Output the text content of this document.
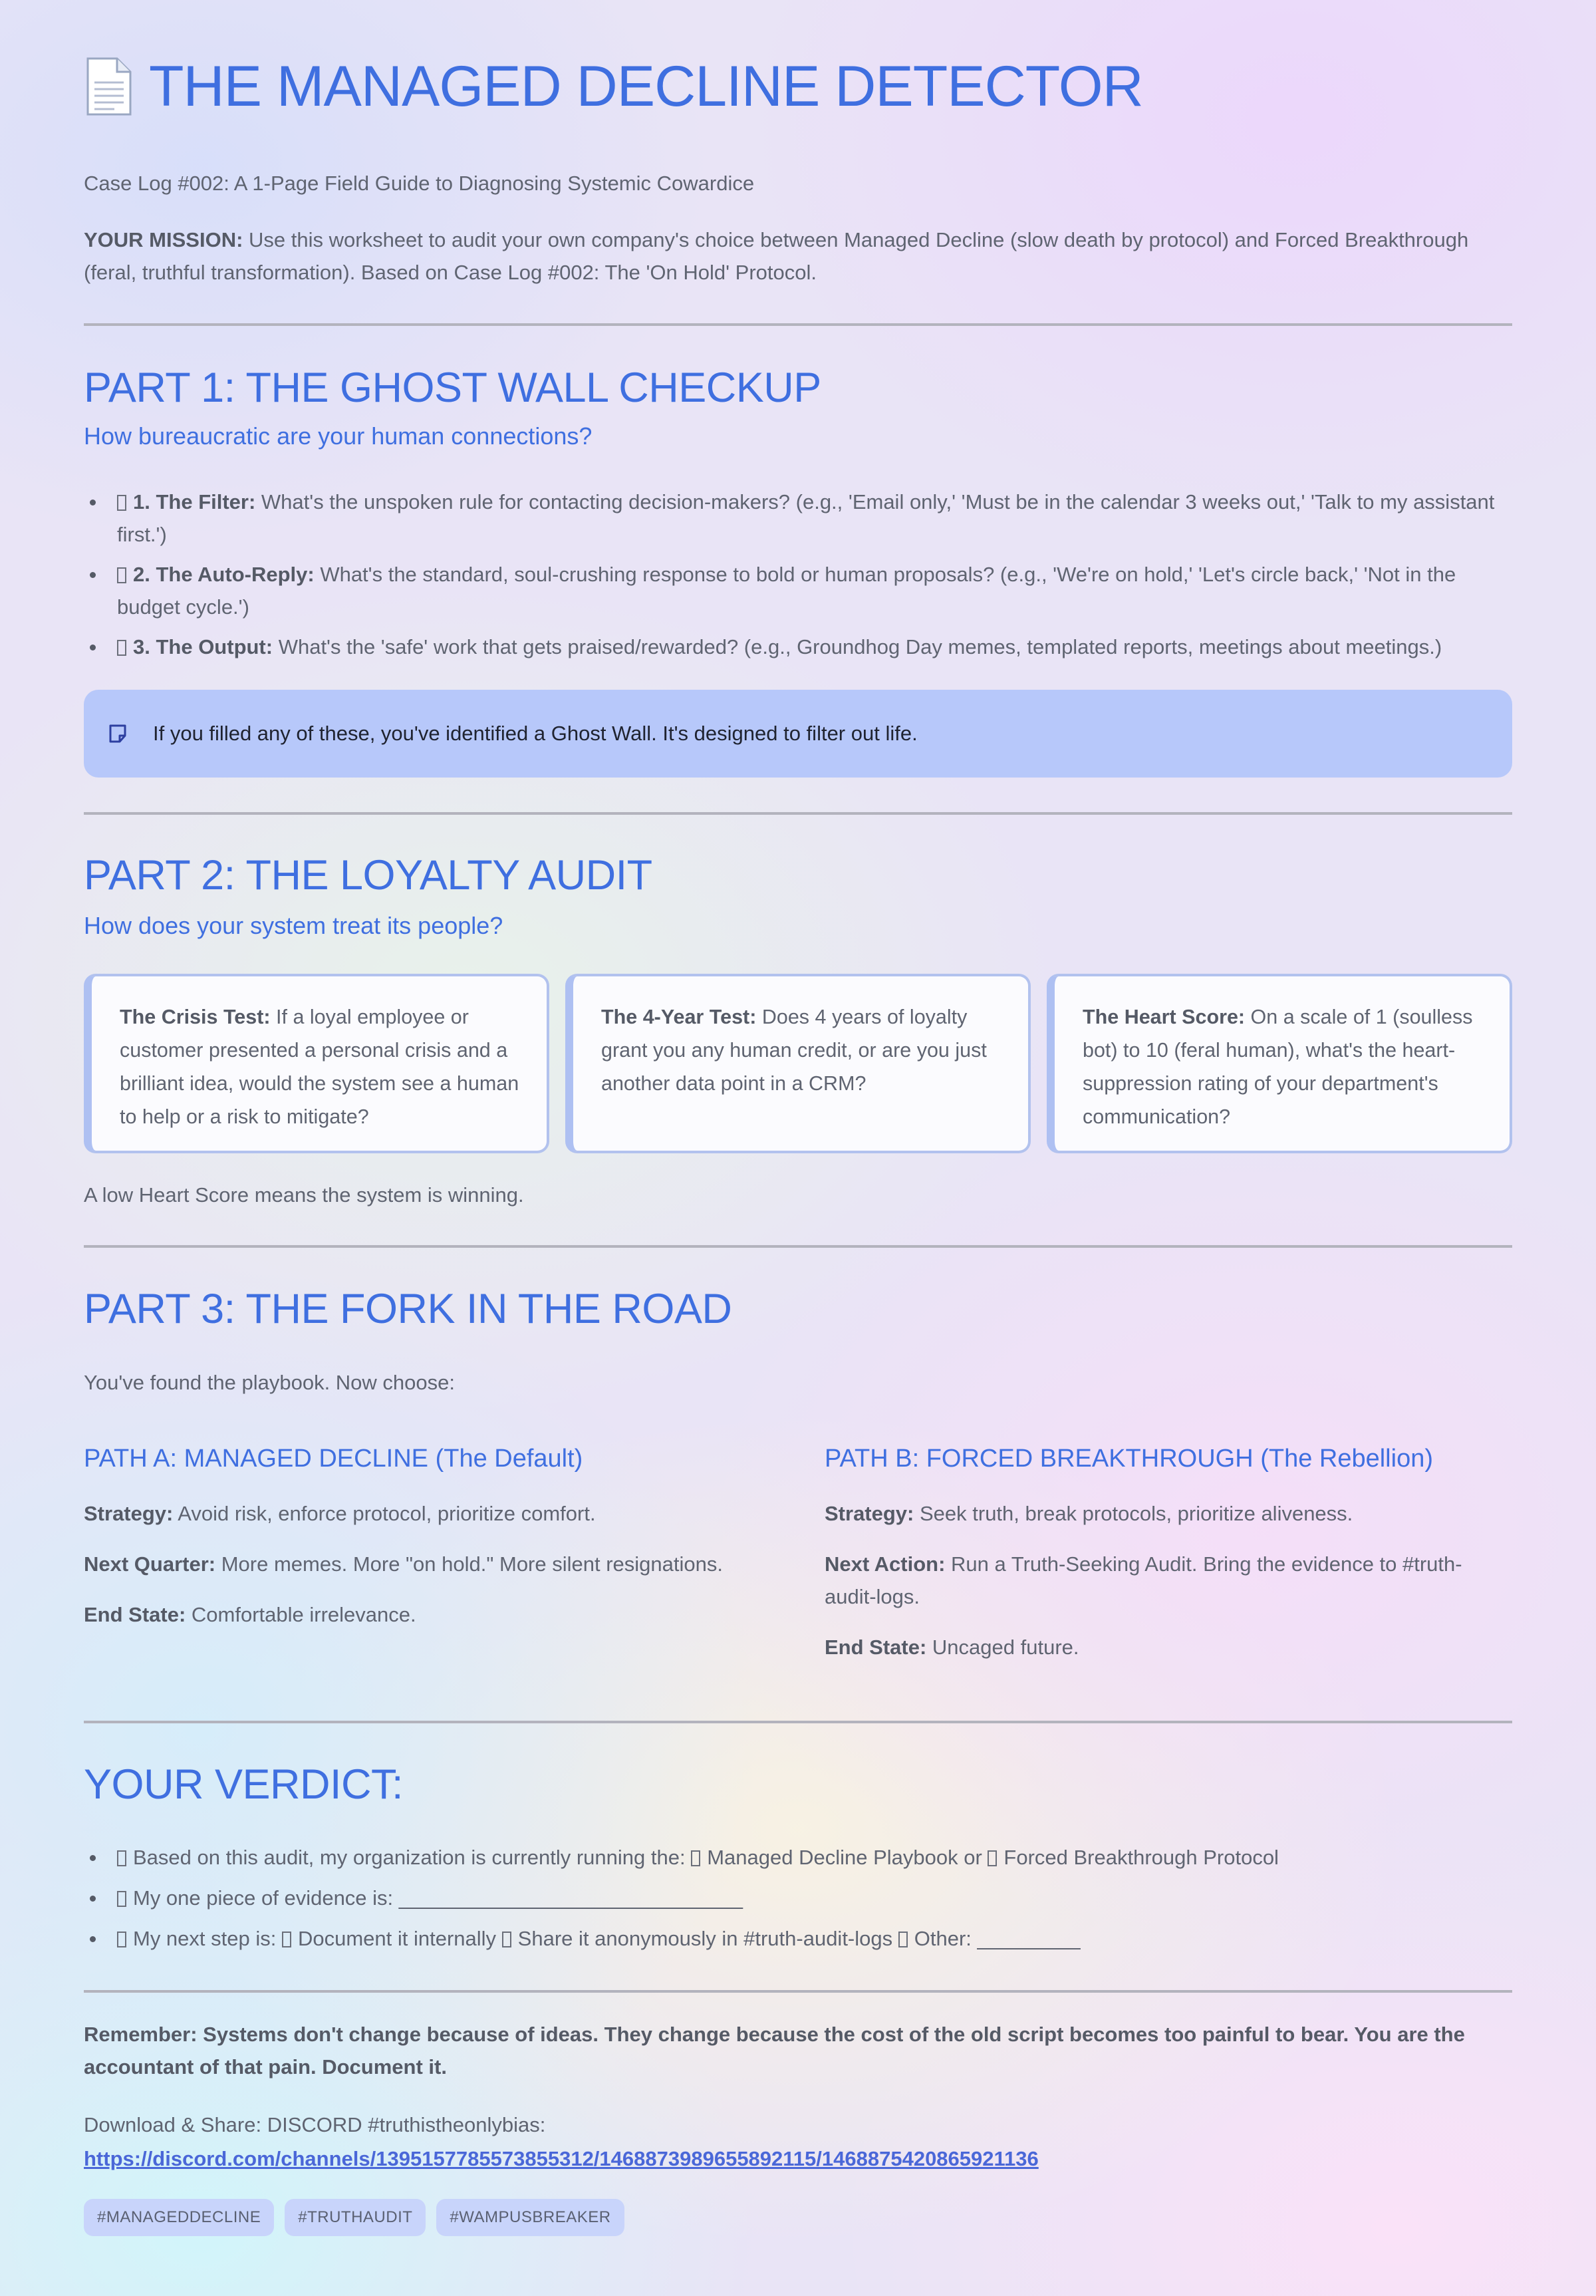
THE MANAGED DECLINE DETECTOR

Case Log #002: A 1-Page Field Guide to Diagnosing Systemic Cowardice

YOUR MISSION: Use this worksheet to audit your own company's choice between Managed Decline (slow death by protocol) and Forced Breakthrough (feral, truthful transformation). Based on Case Log #002: The 'On Hold' Protocol.

PART 1: THE GHOST WALL CHECKUP
How bureaucratic are your human connections?
1. The Filter: What's the unspoken rule for contacting decision-makers? (e.g., 'Email only,' 'Must be in the calendar 3 weeks out,' 'Talk to my assistant first.')
2. The Auto-Reply: What's the standard, soul-crushing response to bold or human proposals? (e.g., 'We're on hold,' 'Let's circle back,' 'Not in the budget cycle.')
3. The Output: What's the 'safe' work that gets praised/rewarded? (e.g., Groundhog Day memes, templated reports, meetings about meetings.)
If you filled any of these, you've identified a Ghost Wall. It's designed to filter out life.
PART 2: THE LOYALTY AUDIT
How does your system treat its people?
The Crisis Test: If a loyal employee or customer presented a personal crisis and a brilliant idea, would the system see a human to help or a risk to mitigate?
The 4-Year Test: Does 4 years of loyalty grant you any human credit, or are you just another data point in a CRM?
The Heart Score: On a scale of 1 (soulless bot) to 10 (feral human), what's the heart-suppression rating of your department's communication?

A low Heart Score means the system is winning.

PART 3: THE FORK IN THE ROAD

You've found the playbook. Now choose:

PATH A: MANAGED DECLINE (The Default)	PATH B: FORCED BREAKTHROUGH (The Rebellion)

Strategy: Avoid risk, enforce protocol, prioritize comfort.

Next Quarter: More memes. More "on hold." More silent resignations.

End State: Comfortable irrelevance.

Strategy: Seek truth, break protocols, prioritize aliveness.

Next Action: Run a Truth-Seeking Audit. Bring the evidence to #truth-audit-logs.

End State: Uncaged future.

YOUR VERDICT:
Based on this audit, my organization is currently running the: Managed Decline Playbook or Forced Breakthrough Protocol
My one piece of evidence is: ______________________________
My next step is: Document it internally Share it anonymously in #truth-audit-logs Other: _________

Remember: Systems don't change because of ideas. They change because the cost of the old script becomes too painful to bear. You are the accountant of that pain. Document it.

Download & Share: DISCORD #truthistheonlybias:

https://discord.com/channels/1395157785573855312/1468873989655892115/1468875420865921136
#MANAGEDDECLINE	#TRUTHAUDIT	#WAMPUSBREAKER
